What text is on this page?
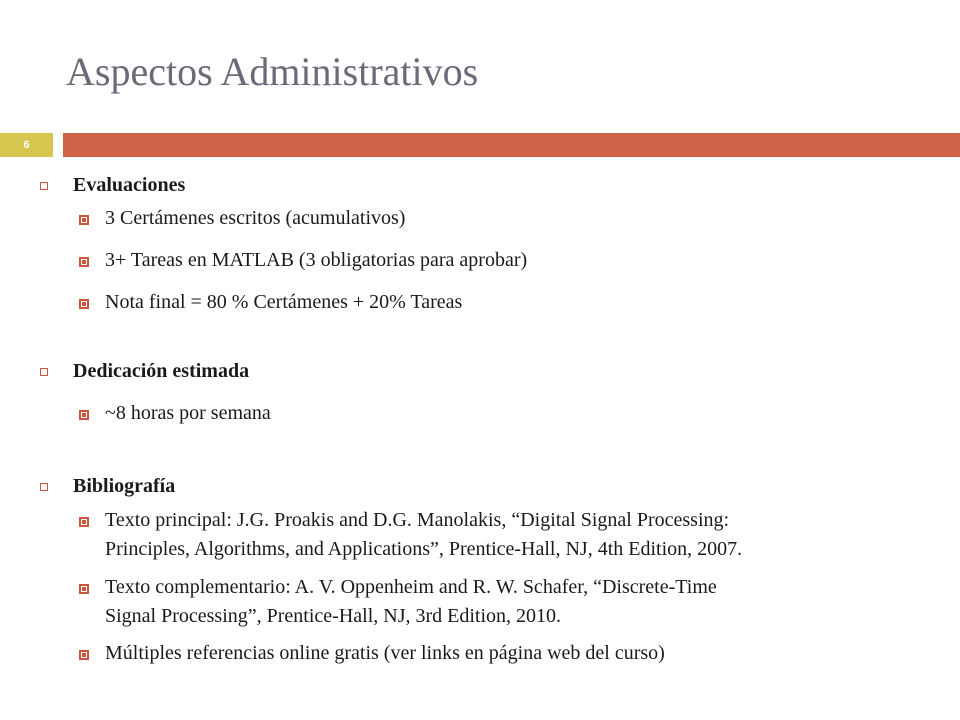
Aspectos Administrativos
6
Evaluaciones
3 Certámenes escritos (acumulativos)
3+ Tareas en MATLAB (3 obligatorias para aprobar)
Nota final = 80 % Certámenes + 20% Tareas
Dedicación estimada
~8 horas por semana
Bibliografía
Texto principal: J.G. Proakis and D.G. Manolakis, “Digital Signal Processing:
Principles, Algorithms, and Applications”, Prentice-Hall, NJ, 4th Edition, 2007.
Texto complementario: A. V. Oppenheim and R. W. Schafer, “Discrete-Time
Signal Processing”, Prentice-Hall, NJ, 3rd Edition, 2010.
Múltiples referencias online gratis (ver links en página web del curso)
